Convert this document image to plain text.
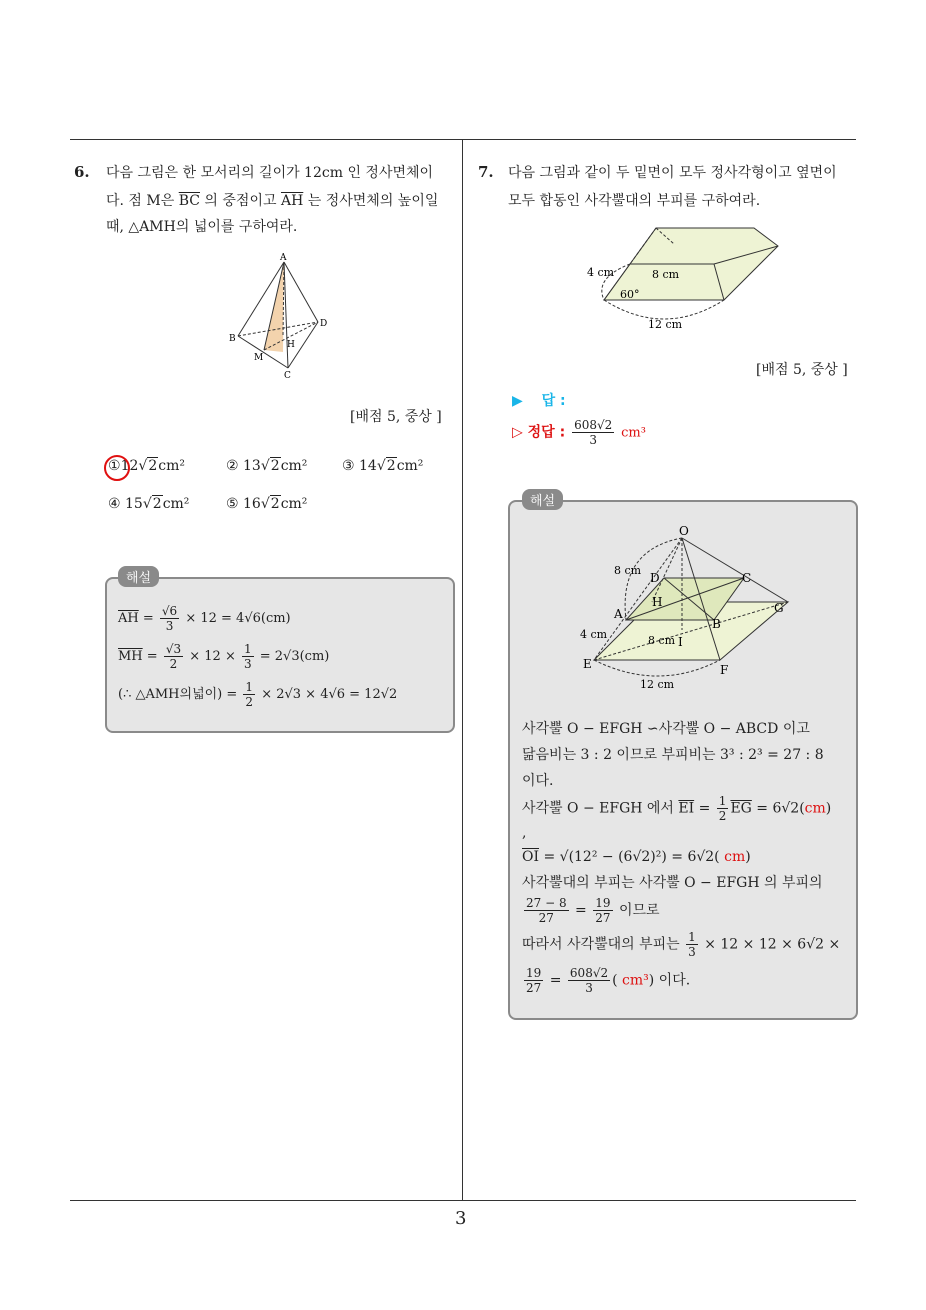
3
6. 다음 그림은 한 모서리의 길이가 12cm 인 정사면체이
다. 점 M은 $\overline{BC}$ 의 중점이고 $\overline{AH}$ 는 정사면체의 높이일
때, △AMH의 넓이를 구하여라.
A
B
C
D
H
M
[배점 5, 중상 ]
①
12√2cm²	② 13√2cm² ③ 14√2cm²
④ 15√2cm²	⑤ 16√2cm²
해설
$\overline{AH} = \frac{√6}{3} \times 12 = 4√6(cm)$
$\overline{MH} = \frac{√3}{2} \times 12 \times \frac{1}{3} = 2√3(cm)$
(∴ △AMH의넓이) = $\frac{1}{2} \times 2√3 \times 4√6 = 12√2$
7. 다음 그림과 같이 두 밑면이 모두 정사각형이고 옆면이
모두 합동인 사각뿔대의 부피를 구하여라.
4 cm	8 cm
60°
12 cm
[배점 5, 중상 ]
▶ 답 :
▷ 정답 : $\frac{608√2}{3} cm^3$
해설
O
D	C
H
A
B
G
I
E	F
8 cm
4 cm	8 cm
12 cm
사각뿔 O − EFGH ∽사각뿔 O − ABCD 이고
닮음비는 3 : 2 이므로 부피비는 3³ : 2³ = 27 : 8
이다.
사각뿔 O − EFGH 에서 $\overline{EI} = \frac{1}{2} \overline{EG} = 6√2(cm)$
,
$\overline{OI} = √(12^2 - (6√2)^2) = 6√2$( cm)
사각뿔대의 부피는 사각뿔 O − EFGH 의 부피의
$\frac{27 - 8}{27} = \frac{19}{27}$ 이므로
따라서 사각뿔대의 부피는 $\frac{1}{3} \times 12 \times 12 \times 6√2$ ×
$\frac{19}{27} = \frac{608√2}{3}$ ( cm³) 이다.
